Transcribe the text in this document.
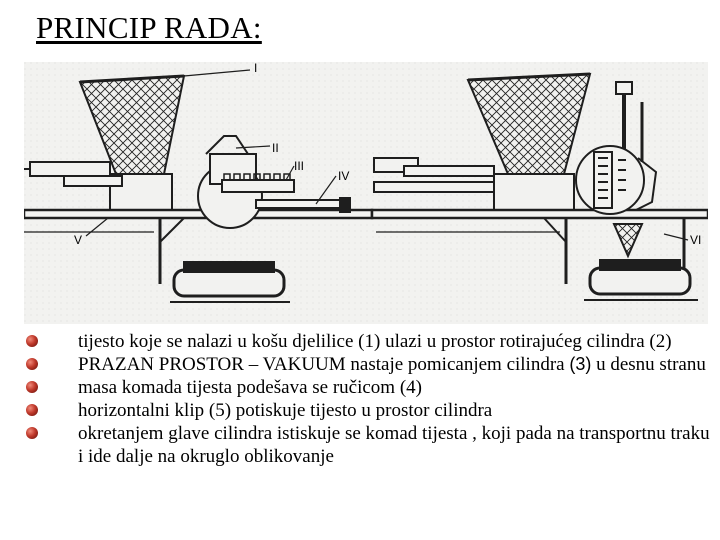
PRINCIP RADA:
I
II
III
IV
V	VI
tijesto koje se nalazi u košu djelilice (1) ulazi u prostor rotirajućeg cilindra (2)
PRAZAN PROSTOR – VAKUUM nastaje pomicanjem cilindra (3) u desnu stranu
masa komada tijesta podešava se ručicom (4)
horizontalni klip (5) potiskuje tijesto u prostor cilindra
okretanjem glave cilindra istiskuje se komad tijesta , koji pada na transportnu traku i ide dalje na okruglo oblikovanje
